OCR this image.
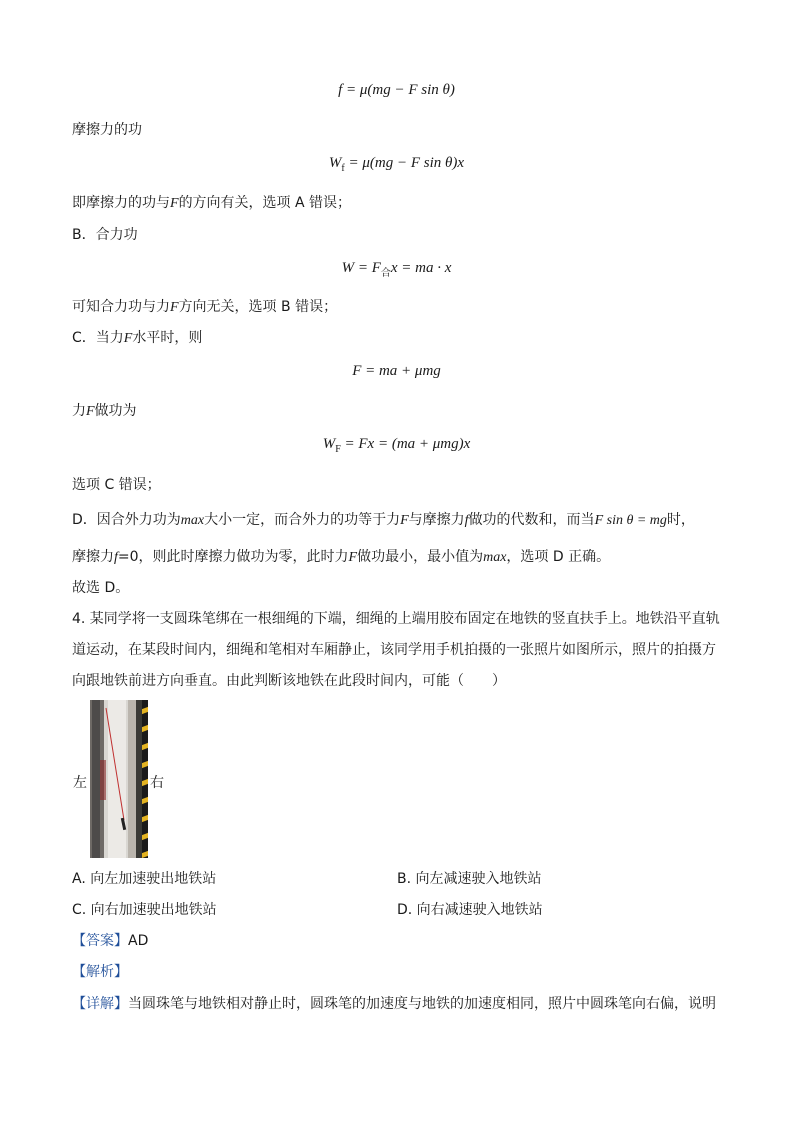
f = μ(mg − F sin θ)
摩擦力的功
$W_f = \mu(mg - F$ sin θ)x
即摩擦力的功与F的方向有关，选项 A 错误；
B．合力功
$W = F_合x$ = ma · x
可知合力功与力F方向无关，选项 B 错误；
C．当力F水平时，则
F = ma + μmg
力F做功为
$W_F = Fx = (ma + \mu mg)x$
选项 C 错误；
D．因合外力功为max大小一定，而合外力的功等于力F与摩擦力f做功的代数和，而当F sin θ = mg时，
摩擦力f=0，则此时摩擦力做功为零，此时力F做功最小，最小值为max，选项 D 正确。
故选 D。
4. 某同学将一支圆珠笔绑在一根细绳的下端，细绳的上端用胶布固定在地铁的竖直扶手上。地铁沿平直轨
道运动，在某段时间内，细绳和笔相对车厢静止，该同学用手机拍摄的一张照片如图所示，照片的拍摄方
向跟地铁前进方向垂直。由此判断该地铁在此段时间内，可能（　　）
左	右
A. 向左加速驶出地铁站	B. 向左减速驶入地铁站
C. 向右加速驶出地铁站	D. 向右减速驶入地铁站
【答案】AD
【解析】
【详解】当圆珠笔与地铁相对静止时，圆珠笔的加速度与地铁的加速度相同，照片中圆珠笔向右偏，说明
